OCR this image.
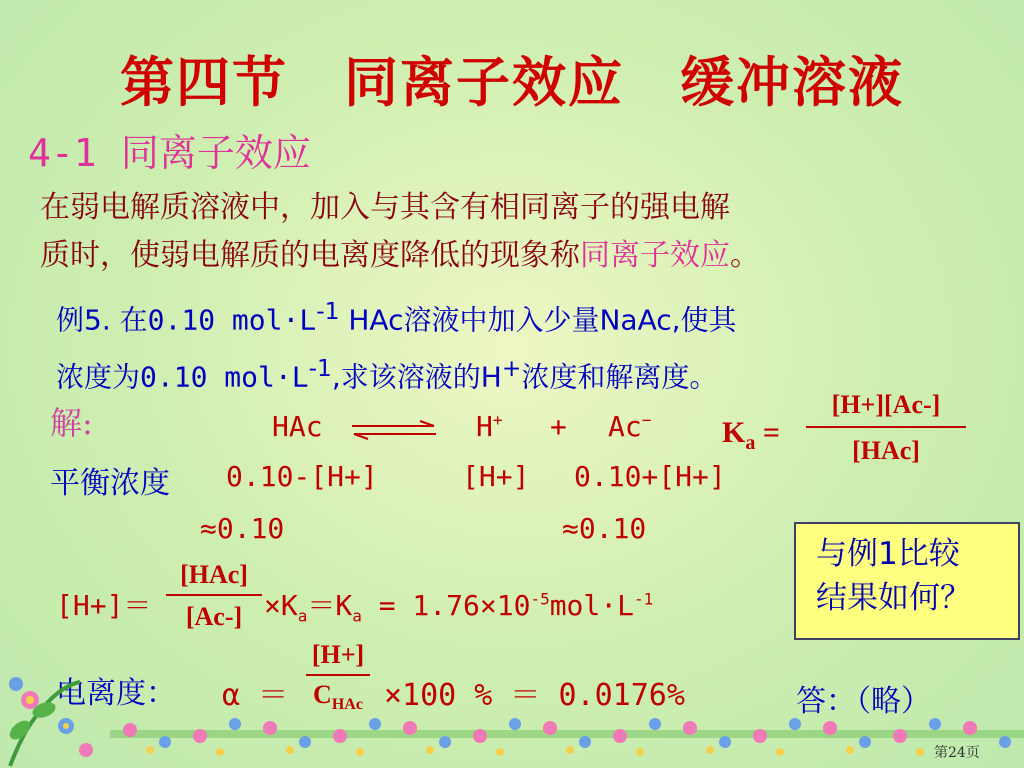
第四节　同离子效应　缓冲溶液
4-1 同离子效应
在弱电解质溶液中，加入与其含有相同离子的强电解
质时，使弱电解质的电离度降低的现象称同离子效应。
例5. 在0.10 $mol\cdot L^{-1}$ HAc溶液中加入少量NaAc,使其
浓度为0.10 $mol\cdot L^{-1}$,求该溶液的H+浓度和解离度。
解:	HAc	H+ + Ac− $K_a$ =
[H+][Ac-]
[HAc]
平衡浓度 0.10-[H+]	[H+] 0.10+[H+]
≈0.10	≈0.10
[H+]＝
[HAc]
$[Ac-] \times K_a=K_a = 1.76\times 10^{-5}mol\cdot L^{-1}$
与例1比较
结果如何？
电离度： α ＝
[H+]
$C_{HAc} \times 100$ % ＝ 0.0176%	答：（略）
第24页
